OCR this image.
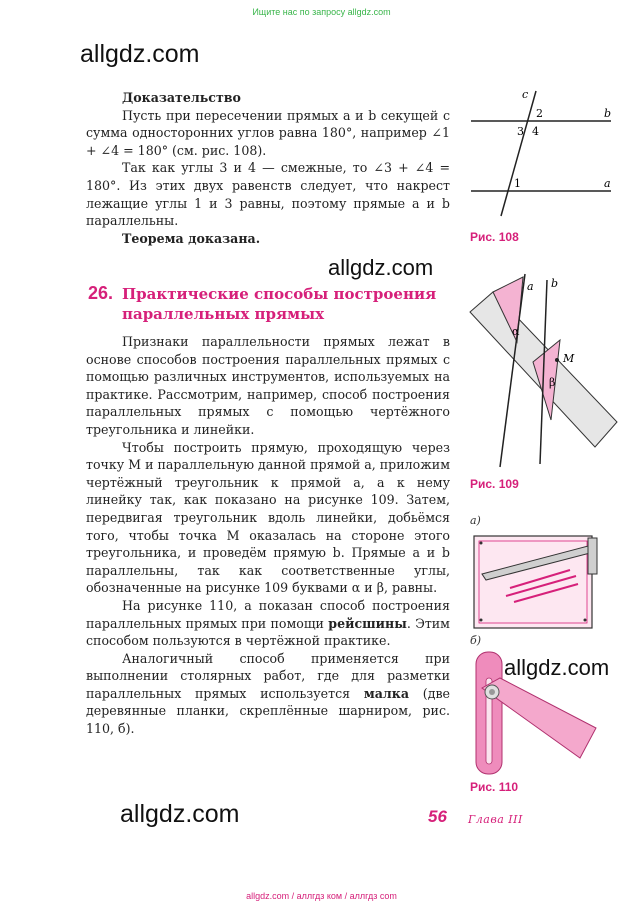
Ищите нас по запросу allgdz.com
allgdz.com
allgdz.com
allgdz.com
allgdz.com
Доказательство

Пусть при пересечении прямых a и b секущей c сумма односторонних углов равна 180°, например ∠1 + ∠4 = 180° (см. рис. 108).

Так как углы 3 и 4 — смежные, то ∠3 + ∠4 = 180°. Из этих двух равенств следует, что накрест лежащие углы 1 и 3 равны, поэтому прямые a и b параллельны.

Теорема доказана.
26. Практические способы построения параллельных прямых

Признаки параллельности прямых лежат в основе способов построения параллельных прямых с помощью различных инструментов, используемых на практике. Рассмотрим, например, способ построения параллельных прямых с помощью чертёжного треугольника и линейки.

Чтобы построить прямую, проходящую через точку M и параллельную данной прямой a, приложим чертёжный треугольник к прямой a, а к нему линейку так, как показано на рисунке 109. Затем, передвигая треугольник вдоль линейки, добьёмся того, чтобы точка M оказалась на стороне этого треугольника, и проведём прямую b. Прямые a и b параллельны, так как соответственные углы, обозначенные на рисунке 109 буквами α и β, равны.

На рисунке 110, а показан способ построения параллельных прямых при помощи рейсшины. Этим способом пользуются в чертёжной практике.

Аналогичный способ применяется при выполнении столярных работ, где для разметки параллельных прямых используется малка (две деревянные планки, скреплённые шарниром, рис. 110, б).

c
b
a
2
3 4
1
Рис. 108
a b
M
α
β
Рис. 109
а)
б)
Рис. 110
56 Глава III
allgdz.com / аллгдз ком / аллгдз com
